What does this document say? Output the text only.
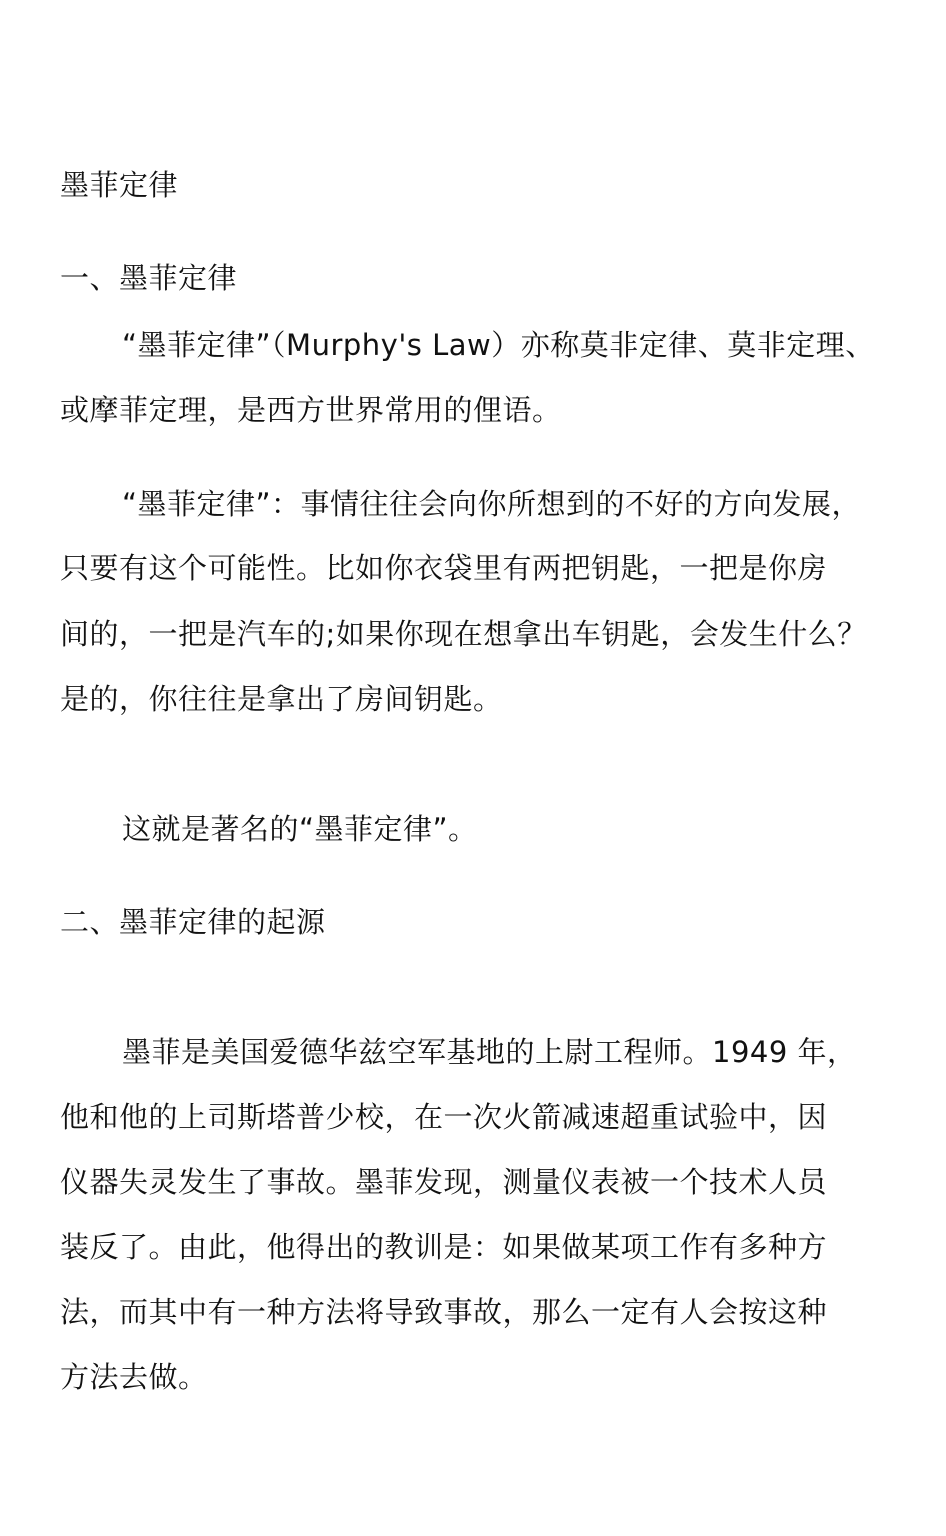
墨菲定律
一、墨菲定律
“墨菲定律”（Murphy's Law）亦称莫非定律、莫非定理、
或摩菲定理，是西方世界常用的俚语。
“墨菲定律”：事情往往会向你所想到的不好的方向发展，
只要有这个可能性。比如你衣袋里有两把钥匙，一把是你房
间的，一把是汽车的;如果你现在想拿出车钥匙，会发生什么？
是的，你往往是拿出了房间钥匙。
这就是著名的“墨菲定律”。
二、墨菲定律的起源
墨菲是美国爱德华兹空军基地的上尉工程师。1949 年，
他和他的上司斯塔普少校，在一次火箭减速超重试验中，因
仪器失灵发生了事故。墨菲发现，测量仪表被一个技术人员
装反了。由此，他得出的教训是：如果做某项工作有多种方
法，而其中有一种方法将导致事故，那么一定有人会按这种
方法去做。
